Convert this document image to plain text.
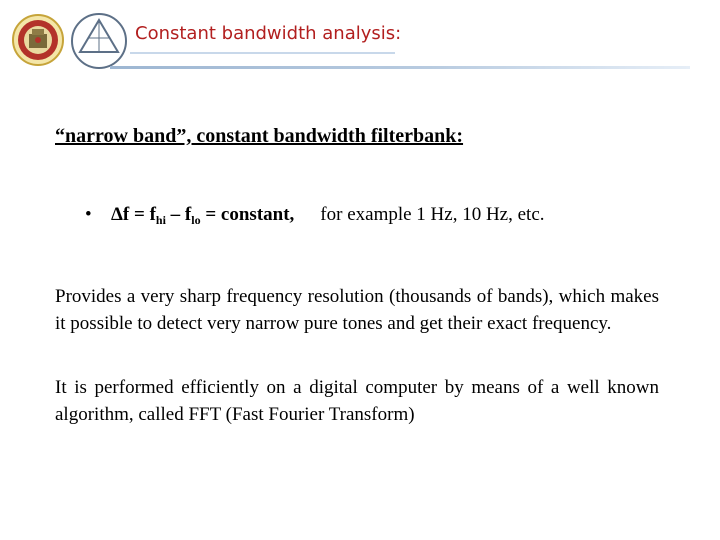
Constant bandwidth analysis:
“narrow band”, constant bandwidth filterbank:
• $\Delta f = f_{hi} - f_{lo}$ = constant, for example 1 Hz, 10 Hz, etc.

Provides a very sharp frequency resolution (thousands of bands), which makes it possible to detect very narrow pure tones and get their exact frequency.

It is performed efficiently on a digital computer by means of a well known algorithm, called FFT (Fast Fourier Transform)
